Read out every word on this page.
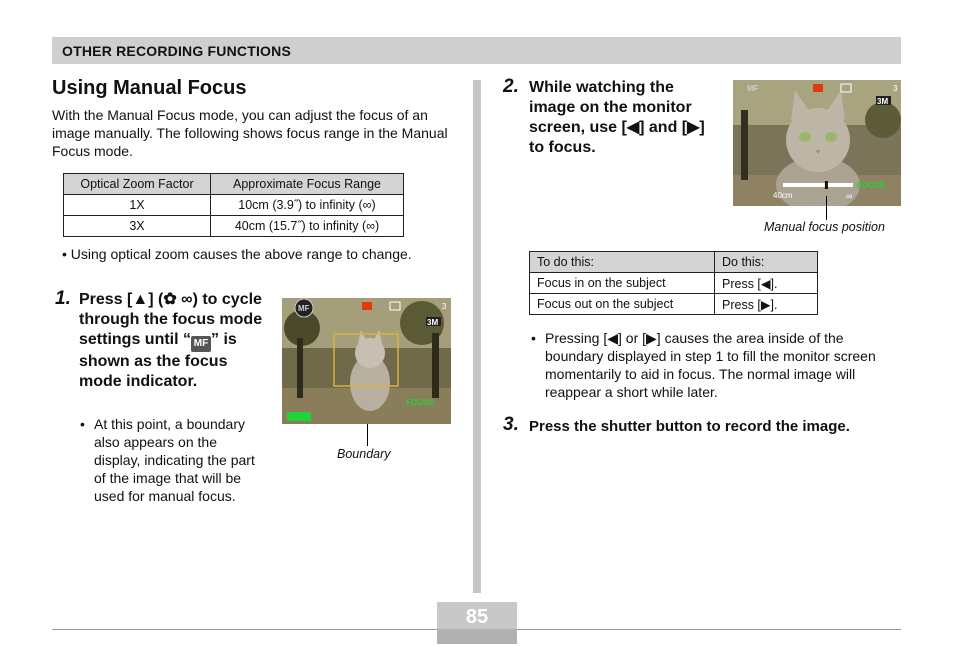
OTHER RECORDING FUNCTIONS
Using Manual Focus

With the Manual Focus mode, you can adjust the focus of an image manually. The following shows focus range in the Manual Focus mode.

Optical Zoom Factor	Approximate Focus Range
1X	10cm (3.9˝) to infinity (∞)
3X	40cm (15.7˝) to infinity (∞)

• Using optical zoom causes the above range to change.

1. Press [▲] (✿ ∞) to cycle through the focus mode settings until “ MF ” is shown as the focus mode indicator.

• At this point, a boundary also appears on the display, indicating the part of the image that will be used for manual focus.

MF	3
3M
FOCUS
Boundary
2. While watching the image on the monitor screen, use [◀] and [▶] to focus.
MF	3
3M
40cm
FOCUS
∞
Manual focus position
To do this:	Do this:
Focus in on the subject	Press [◀].
Focus out on the subject	Press [▶].

• Pressing [◀] or [▶] causes the area inside of the boundary displayed in step 1 to fill the monitor screen momentarily to aid in focus. The normal image will reappear a short while later.

3. Press the shutter button to record the image.
85
